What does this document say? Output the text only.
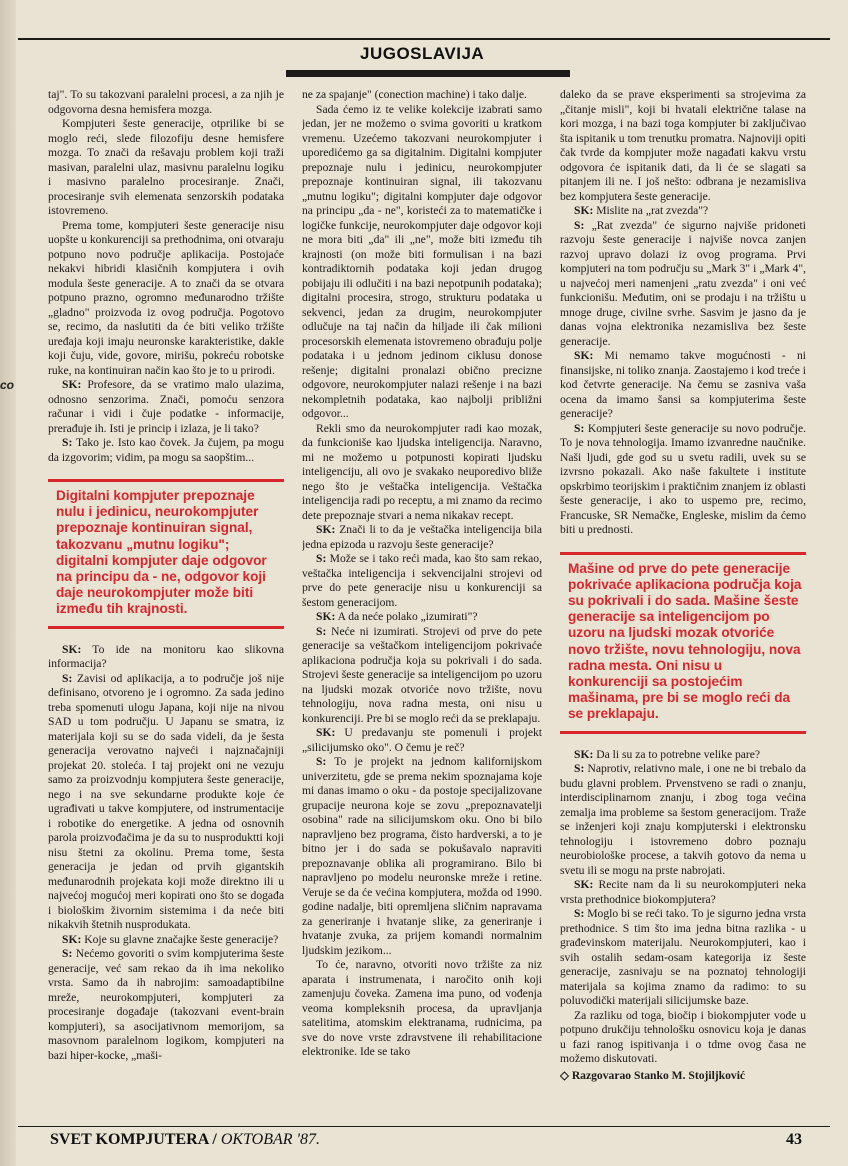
co
JUGOSLAVIJA

taj". To su takozvani paralelni procesi, a za njih je odgovorna desna hemisfera mozga.

Kompjuteri šeste generacije, otprilike bi se moglo reći, slede filozofiju desne hemisfere mozga. To znači da rešavaju problem koji traži masivan, paralelni ulaz, masivnu paralelnu logiku i masivno paralelno procesiranje. Znači, procesiranje svih elemenata senzorskih podataka istovremeno.

Prema tome, kompjuteri šeste generacije nisu uopšte u konkurenciji sa prethodnima, oni otvaraju potpuno novo područje aplikacija. Postojaće nekakvi hibridi klasičnih kompjutera i ovih modula šeste generacije. A to znači da se otvara potpuno prazno, ogromno međunarodno tržište „gladno" proizvoda iz ovog područja. Pogotovo se, recimo, da naslutiti da će biti veliko tržište uređaja koji imaju neuronske karakteristike, dakle koji čuju, vide, govore, mirišu, pokreću robotske ruke, na kontinuiran način kao što je to u prirodi.

SK: Profesore, da se vratimo malo ulazima, odnosno senzorima. Znači, pomoću senzora računar i vidi i čuje podatke - informacije, prerađuje ih. Isti je princip i izlaza, je li tako?

S: Tako je. Isto kao čovek. Ja čujem, pa mogu da izgovorim; vidim, pa mogu sa saopštim...

Digitalni kompjuter prepoznaje nulu i jedinicu, neurokompjuter prepoznaje kontinuiran signal, takozvanu „mutnu logiku"; digitalni kompjuter daje odgovor na principu da - ne, odgovor koji daje neurokompjuter može biti između tih krajnosti.

SK: To ide na monitoru kao slikovna informacija?

S: Zavisi od aplikacija, a to područje još nije definisano, otvoreno je i ogromno. Za sada jedino treba spomenuti ulogu Japana, koji nije na nivou SAD u tom području. U Japanu se smatra, iz materijala koji su se do sada videli, da je šesta generacija verovatno najveći i najznačajniji projekat 20. stoleća. I taj projekt oni ne vezuju samo za proizvodnju kompjutera šeste generacije, nego i na sve sekundarne produkte koje će ugrađivati u takve kompjutere, od instrumentacije i robotike do energetike. A jedna od osnovnih parola proizvođačima je da su to nusproduktti koji nisu štetni za okolinu. Prema tome, šesta generacija je jedan od prvih gigantskih međunarodnih projekata koji može direktno ili u najvećoj mogućoj meri kopirati ono što se događa i biološkim živornim sistemima i da neće biti nikakvih štetnih nusprodukata.

SK: Koje su glavne značajke šeste generacije?

S: Nećemo govoriti o svim kompjuterima šeste generacije, već sam rekao da ih ima nekoliko vrsta. Samo da ih nabrojim: samoadaptibilne mreže, neurokompjuteri, kompjuteri za procesiranje događaje (takozvani event-brain kompjuteri), sa asocijativnom memorijom, sa masovnom paralelnom logikom, kompjuteri na bazi hiper-kocke, „maši-

ne za spajanje" (conection machine) i tako dalje.

Sada ćemo iz te velike kolekcije izabrati samo jedan, jer ne možemo o svima govoriti u kratkom vremenu. Uzećemo takozvani neurokompjuter i uporedićemo ga sa digitalnim. Digitalni kompjuter prepoznaje nulu i jedinicu, neurokompjuter prepoznaje kontinuiran signal, ili takozvanu „mutnu logiku"; digitalni kompjuter daje odgovor na principu „da - ne", koristeći za to matematičke i logičke funkcije, neurokompjuter daje odgovor koji ne mora biti „da" ili „ne", može biti između tih krajnosti (on može biti formulisan i na bazi kontradiktornih podataka koji jedan drugog pobijaju ili odlučiti i na bazi nepotpunih podataka); digitalni procesira, strogo, strukturu podataka u sekvenci, jedan za drugim, neurokompjuter odlučuje na taj način da hiljade ili čak milioni procesorskih elemenata istovremeno obrađuju polje podataka i u jednom jedinom ciklusu donose rešenje; digitalni pronalazi obično precizne odgovore, neurokompjuter nalazi rešenje i na bazi nekompletnih podataka, kao najbolji približni odgovor...

Rekli smo da neurokompjuter radi kao mozak, da funkcioniše kao ljudska inteligencija. Naravno, mi ne možemo u potpunosti kopirati ljudsku inteligenciju, ali ovo je svakako neuporedivo bliže nego što je veštačka inteligencija. Veštačka inteligencija radi po receptu, a mi znamo da recimo dete prepoznaje stvari a nema nikakav recept.

SK: Znači li to da je veštačka inteligencija bila jedna epizoda u razvoju šeste generacije?

S: Može se i tako reći mada, kao što sam rekao, veštačka inteligencija i sekvencijalni strojevi od prve do pete generacije nisu u konkurenciji sa šestom generacijom.

SK: A da neće polako „izumirati"?

S: Neće ni izumirati. Strojevi od prve do pete generacije sa veštačkom inteligencijom pokrivaće aplikaciona područja koja su pokrivali i do sada. Strojevi šeste generacije sa inteligencijom po uzoru na ljudski mozak otvoriće novo tržište, novu tehnologiju, nova radna mesta, oni nisu u konkurenciji. Pre bi se moglo reći da se preklapaju.

SK: U predavanju ste pomenuli i projekt „silicijumsko oko". O čemu je reč?

S: To je projekt na jednom kalifornijskom univerzitetu, gde se prema nekim spoznajama koje mi danas imamo o oku - da postoje specijalizovane grupacije neurona koje se zovu „prepoznavatelji osobina" rade na silicijumskom oku. Ono bi bilo napravljeno bez programa, čisto hardverski, a to je bitno jer i do sada se pokušavalo napraviti prepoznavanje oblika ali programirano. Bilo bi napravljeno po modelu neuronske mreže i retine. Veruje se da će većina kompjutera, možda od 1990. godine nadalje, biti opremljena sličnim napravama za generiranje i hvatanje slike, za generiranje i hvatanje zvuka, za prijem komandi normalnim ljudskim jezikom...

To će, naravno, otvoriti novo tržište za niz aparata i instrumenata, i naročito onih koji zamenjuju čoveka. Zamena ima puno, od vođenja veoma kompleksnih procesa, da upravljanja satelitima, atomskim elektranama, rudnicima, pa sve do nove vrste zdravstvene ili rehabilitacione elektronike. Ide se tako

daleko da se prave eksperimenti sa strojevima za „čitanje misli", koji bi hvatali električne talase na kori mozga, i na bazi toga kompjuter bi zaključivao šta ispitanik u tom trenutku promatra. Najnoviji opiti čak tvrde da kompjuter može nagađati kakvu vrstu odgovora će ispitanik dati, da li će se slagati sa pitanjem ili ne. I još nešto: odbrana je nezamisliva bez kompjutera šeste generacije.

SK: Mislite na „rat zvezda"?

S: „Rat zvezda" će sigurno najviše pridoneti razvoju šeste generacije i najviše novca zanjen razvoj upravo dolazi iz ovog programa. Prvi kompjuteri na tom području su „Mark 3" i „Mark 4", u najvećoj meri namenjeni „ratu zvezda" i oni već funkcionišu. Međutim, oni se prodaju i na tržištu u mnoge druge, civilne svrhe. Sasvim je jasno da je danas vojna elektronika nezamisliva bez šeste generacije.

SK: Mi nemamo takve mogućnosti - ni finansijske, ni toliko znanja. Zaostajemo i kod treće i kod četvrte generacije. Na čemu se zasniva vaša ocena da imamo šansi sa kompjuterima šeste generacije?

S: Kompjuteri šeste generacije su novo područje. To je nova tehnologija. Imamo izvanredne naučnike. Naši ljudi, gde god su u svetu radili, uvek su se izvrsno pokazali. Ako naše fakultete i institute opskrbimo teorijskim i praktičnim znanjem iz oblasti šeste generacije, i ako to uspemo pre, recimo, Francuske, SR Nemačke, Engleske, mislim da ćemo biti u prednosti.

Mašine od prve do pete generacije pokrivaće aplikaciona područja koja su pokrivali i do sada. Mašine šeste generacije sa inteligencijom po uzoru na ljudski mozak otvoriće novo tržište, novu tehnologiju, nova radna mesta. Oni nisu u konkurenciji sa postojećim mašinama, pre bi se moglo reći da se preklapaju.

SK: Da li su za to potrebne velike pare?

S: Naprotiv, relativno male, i one ne bi trebalo da budu glavni problem. Prvenstveno se radi o znanju, interdisciplinarnom znanju, i zbog toga većina zemalja ima probleme sa šestom generacijom. Traže se inženjeri koji znaju kompjuterski i elektronsku tehnologiju i istovremeno dobro poznaju neurobiološke procese, a takvih gotovo da nema u svetu ili se mogu na prste nabrojati.

SK: Recite nam da li su neurokompjuteri neka vrsta prethodnice biokompjutera?

S: Moglo bi se reći tako. To je sigurno jedna vrsta prethodnice. S tim što ima jedna bitna razlika - u građevinskom materijalu. Neurokompjuteri, kao i svih ostalih sedam-osam kategorija iz šeste generacije, zasnivaju se na poznatoj tehnologiji materijala sa kojima znamo da radimo: to su poluvodički materijali silicijumske baze.

Za razliku od toga, biočip i biokompjuter vode u potpuno drukčiju tehnološku osnovicu koja je danas u fazi ranog ispitivanja i o tdme ovog časa ne možemo diskutovati.

◇ Razgovarao Stanko M. Stojiljković

SVET KOMPJUTERA / OKTOBAR '87.	43
